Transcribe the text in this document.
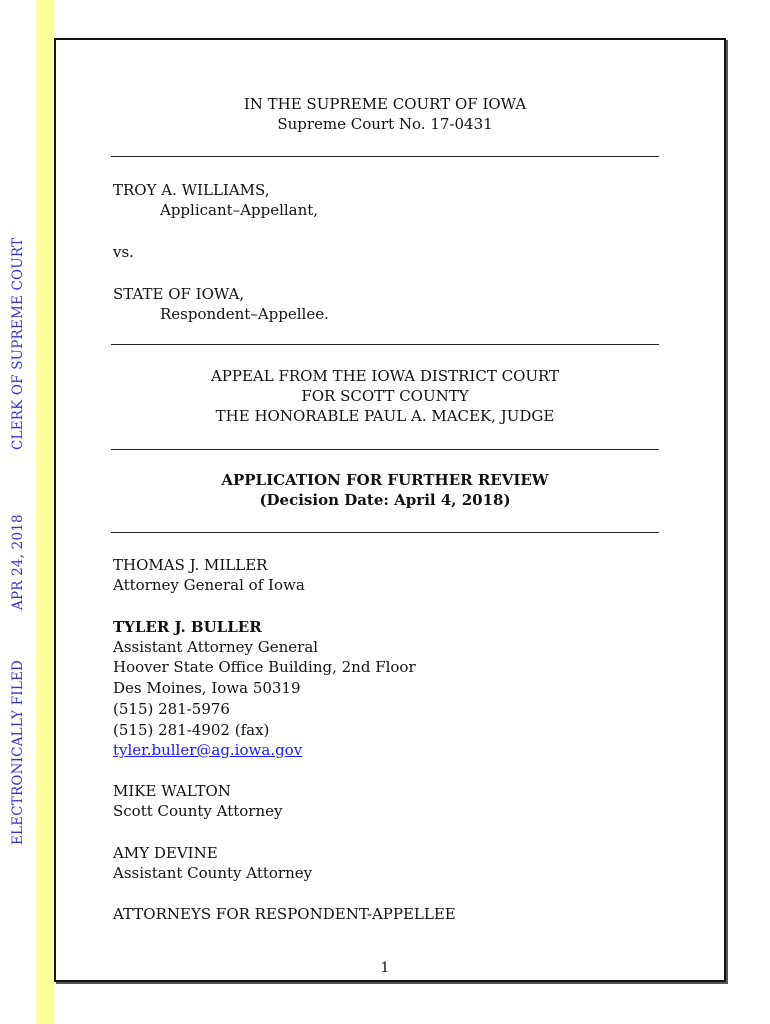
ELECTRONICALLY FILED
APR 24, 2018
CLERK OF SUPREME COURT
IN THE SUPREME COURT OF IOWA
Supreme Court No. 17-0431
TROY A. WILLIAMS,
Applicant–Appellant,
vs.
STATE OF IOWA,
Respondent–Appellee.
APPEAL FROM THE IOWA DISTRICT COURT
FOR SCOTT COUNTY
THE HONORABLE PAUL A. MACEK, JUDGE
APPLICATION FOR FURTHER REVIEW
(Decision Date: April 4, 2018)
THOMAS J. MILLER
Attorney General of Iowa
TYLER J. BULLER
Assistant Attorney General
Hoover State Office Building, 2nd Floor
Des Moines, Iowa 50319
(515) 281-5976
(515) 281-4902 (fax)
tyler.buller@ag.iowa.gov
MIKE WALTON
Scott County Attorney
AMY DEVINE
Assistant County Attorney
ATTORNEYS FOR RESPONDENT-APPELLEE
1
